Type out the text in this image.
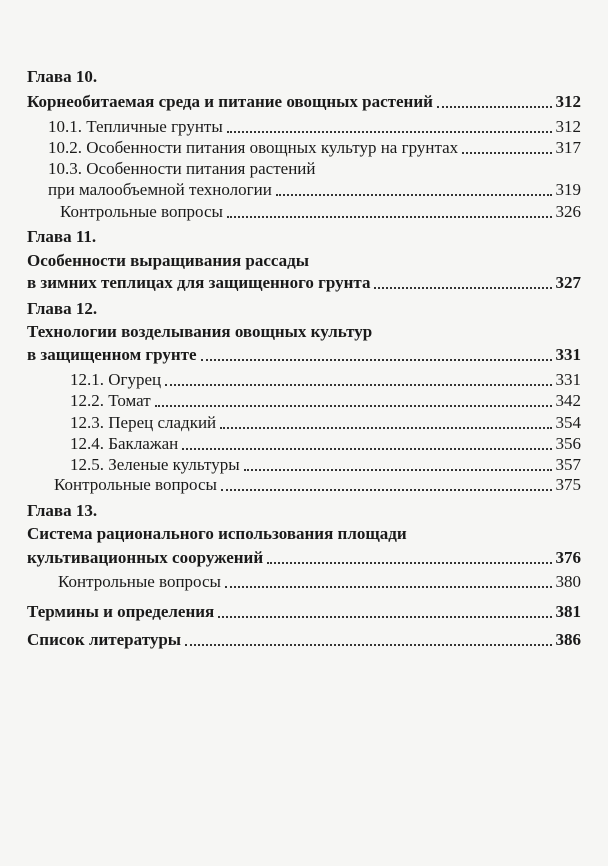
Глава 10.
Корнеобитаемая среда и питание овощных растений	312
10.1. Тепличные грунты	312
10.2. Особенности питания овощных культур на грунтах	317
10.3. Особенности питания растений
при малообъемной технологии	319
Контрольные вопросы	326
Глава 11.
Особенности выращивания рассады
в зимних теплицах для защищенного грунта	327
Глава 12.
Технологии возделывания овощных культур
в защищенном грунте	331
12.1. Огурец	331
12.2. Томат	342
12.3. Перец сладкий	354
12.4. Баклажан	356
12.5. Зеленые культуры	357
Контрольные вопросы	375
Глава 13.
Система рационального использования площади
культивационных сооружений	376
Контрольные вопросы	380
Термины и определения	381
Список литературы	386
